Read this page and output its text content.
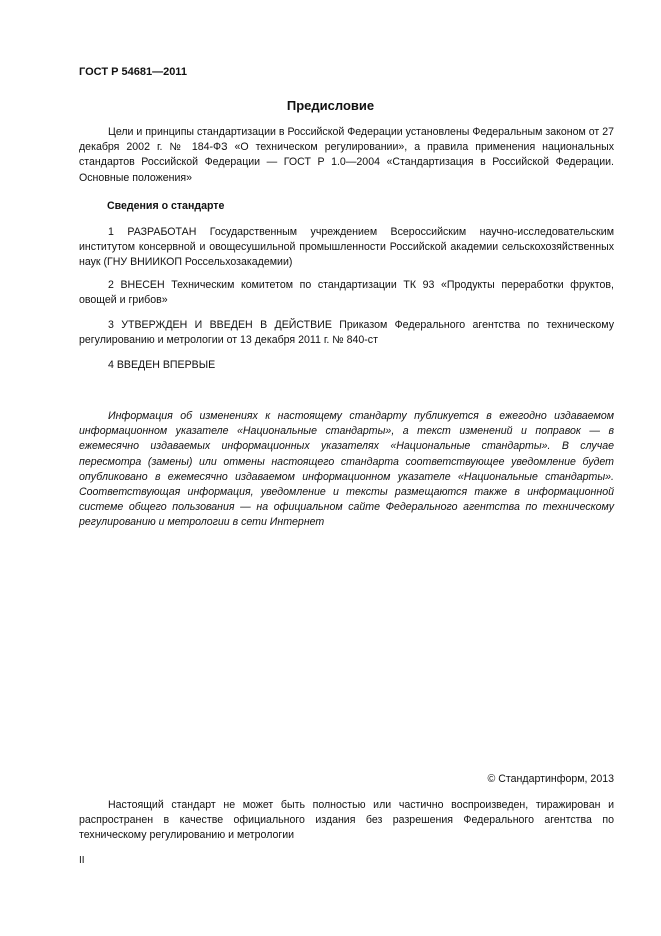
ГОСТ Р 54681—2011
Предисловие

Цели и принципы стандартизации в Российской Федерации установлены Федеральным законом от 27 декабря 2002 г. № 184-ФЗ «О техническом регулировании», а правила применения национальных стандартов Российской Федерации — ГОСТ Р 1.0—2004 «Стандартизация в Российской Федерации. Основные положения»

Сведения о стандарте

1 РАЗРАБОТАН Государственным учреждением Всероссийским научно-исследовательским институтом консервной и овощесушильной промышленности Российской академии сельскохозяйственных наук (ГНУ ВНИИКОП Россельхозакадемии)

2 ВНЕСЕН Техническим комитетом по стандартизации ТК 93 «Продукты переработки фруктов, овощей и грибов»

3 УТВЕРЖДЕН И ВВЕДЕН В ДЕЙСТВИЕ Приказом Федерального агентства по техническому регулированию и метрологии от 13 декабря 2011 г. № 840-ст

4 ВВЕДЕН ВПЕРВЫЕ

Информация об изменениях к настоящему стандарту публикуется в ежегодно издаваемом информационном указателе «Национальные стандарты», а текст изменений и поправок — в ежемесячно издаваемых информационных указателях «Национальные стандарты». В случае пересмотра (замены) или отмены настоящего стандарта соответствующее уведомление будет опубликовано в ежемесячно издаваемом информационном указателе «Национальные стандарты». Соответствующая информация, уведомление и тексты размещаются также в информационной системе общего пользования — на официальном сайте Федерального агентства по техническому регулированию и метрологии в сети Интернет

© Стандартинформ, 2013

Настоящий стандарт не может быть полностью или частично воспроизведен, тиражирован и распространен в качестве официального издания без разрешения Федерального агентства по техническому регулированию и метрологии

II
